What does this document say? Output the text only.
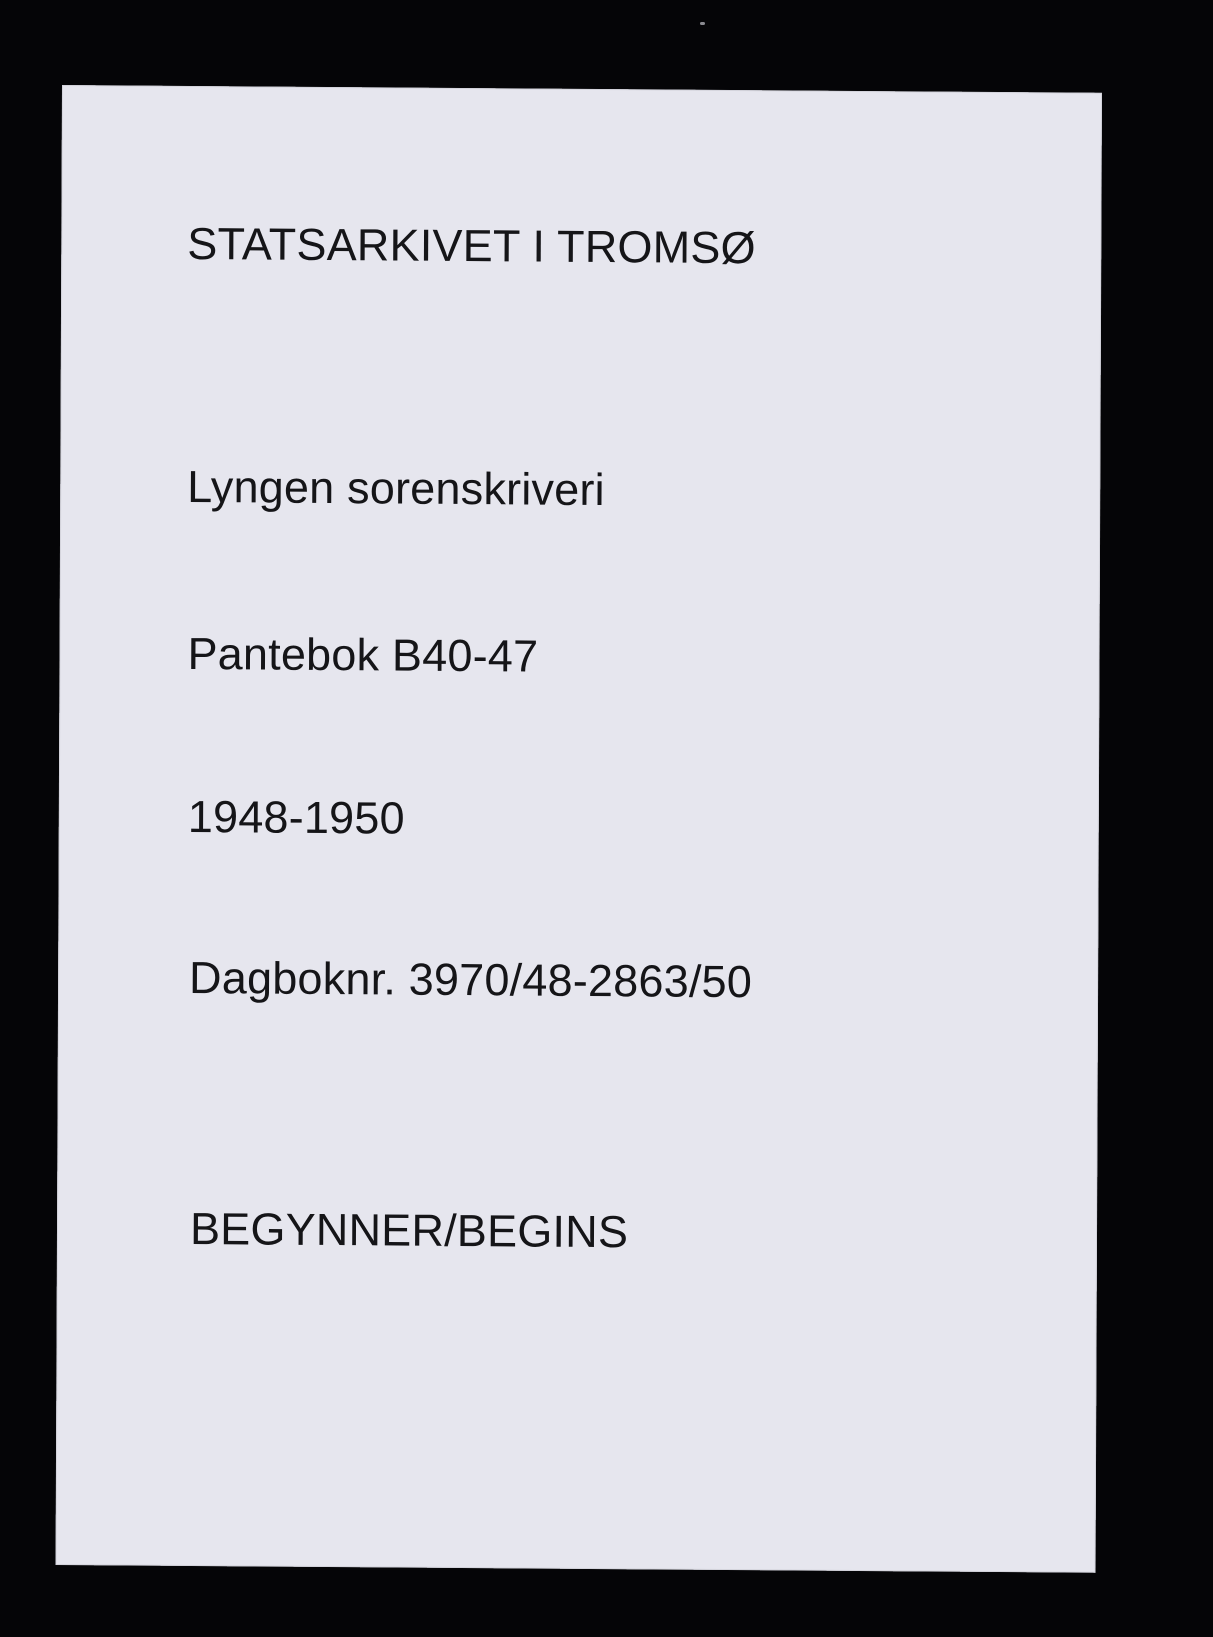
STATSARKIVET I TROMSØ
Lyngen sorenskriveri
Pantebok B40-47
1948-1950
Dagboknr. 3970/48-2863/50
BEGYNNER/BEGINS
